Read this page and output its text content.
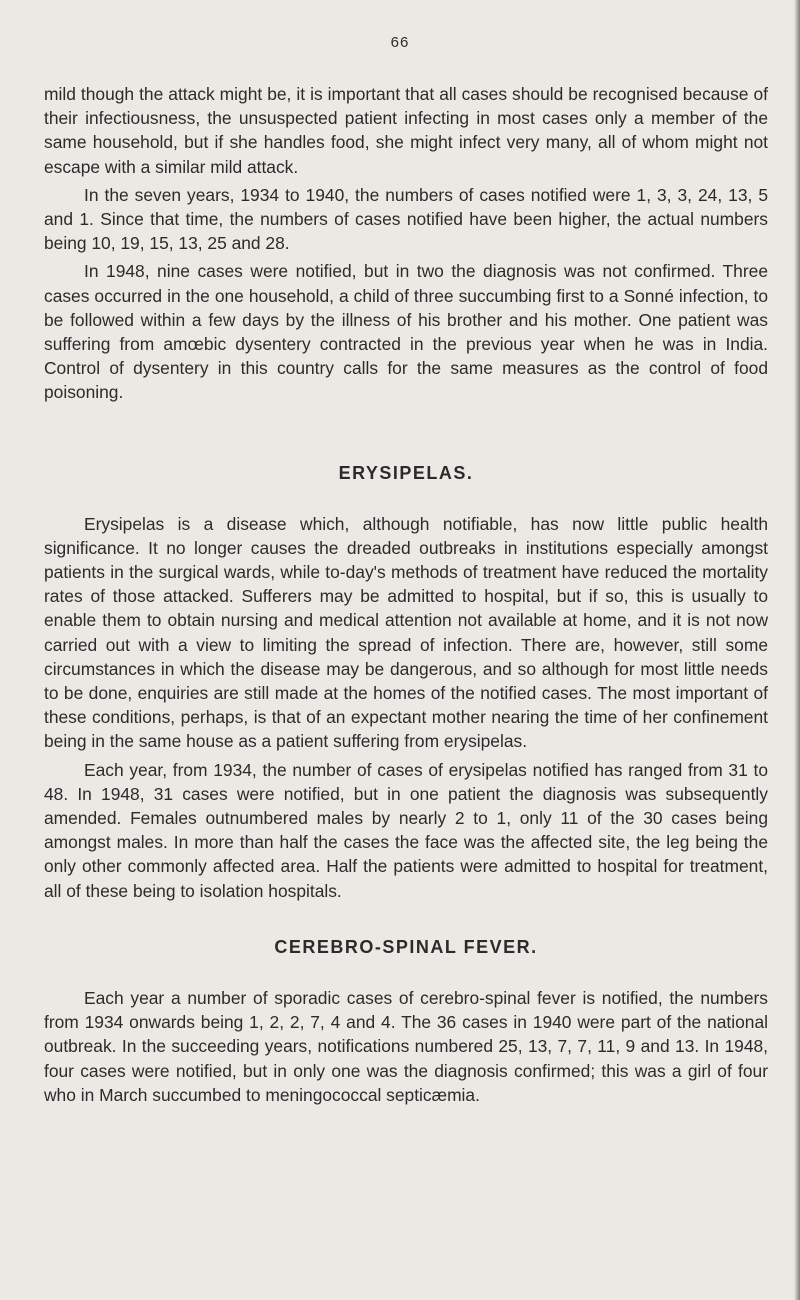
66

mild though the attack might be, it is important that all cases should be recognised because of their infectiousness, the unsuspected patient infecting in most cases only a member of the same household, but if she handles food, she might infect very many, all of whom might not escape with a similar mild attack.

In the seven years, 1934 to 1940, the numbers of cases notified were 1, 3, 3, 24, 13, 5 and 1. Since that time, the numbers of cases notified have been higher, the actual numbers being 10, 19, 15, 13, 25 and 28.

In 1948, nine cases were notified, but in two the diagnosis was not confirmed. Three cases occurred in the one household, a child of three succumbing first to a Sonné infection, to be followed within a few days by the illness of his brother and his mother. One patient was suffering from amœbic dysentery contracted in the previous year when he was in India. Control of dysentery in this country calls for the same measures as the control of food poisoning.

ERYSIPELAS.

Erysipelas is a disease which, although notifiable, has now little public health significance. It no longer causes the dreaded outbreaks in institutions especially amongst patients in the surgical wards, while to-day's methods of treatment have reduced the mortality rates of those attacked. Sufferers may be admitted to hospital, but if so, this is usually to enable them to obtain nursing and medical attention not available at home, and it is not now carried out with a view to limiting the spread of infection. There are, however, still some circumstances in which the disease may be dangerous, and so although for most little needs to be done, enquiries are still made at the homes of the notified cases. The most important of these conditions, perhaps, is that of an expectant mother nearing the time of her confinement being in the same house as a patient suffering from erysipelas.

Each year, from 1934, the number of cases of erysipelas notified has ranged from 31 to 48. In 1948, 31 cases were notified, but in one patient the diagnosis was subsequently amended. Females outnumbered males by nearly 2 to 1, only 11 of the 30 cases being amongst males. In more than half the cases the face was the affected site, the leg being the only other commonly affected area. Half the patients were admitted to hospital for treatment, all of these being to isolation hospitals.

CEREBRO-SPINAL FEVER.

Each year a number of sporadic cases of cerebro-spinal fever is notified, the numbers from 1934 onwards being 1, 2, 2, 7, 4 and 4. The 36 cases in 1940 were part of the national outbreak. In the succeeding years, notifications numbered 25, 13, 7, 7, 11, 9 and 13. In 1948, four cases were notified, but in only one was the diagnosis confirmed; this was a girl of four who in March succumbed to meningococcal septicæmia.
